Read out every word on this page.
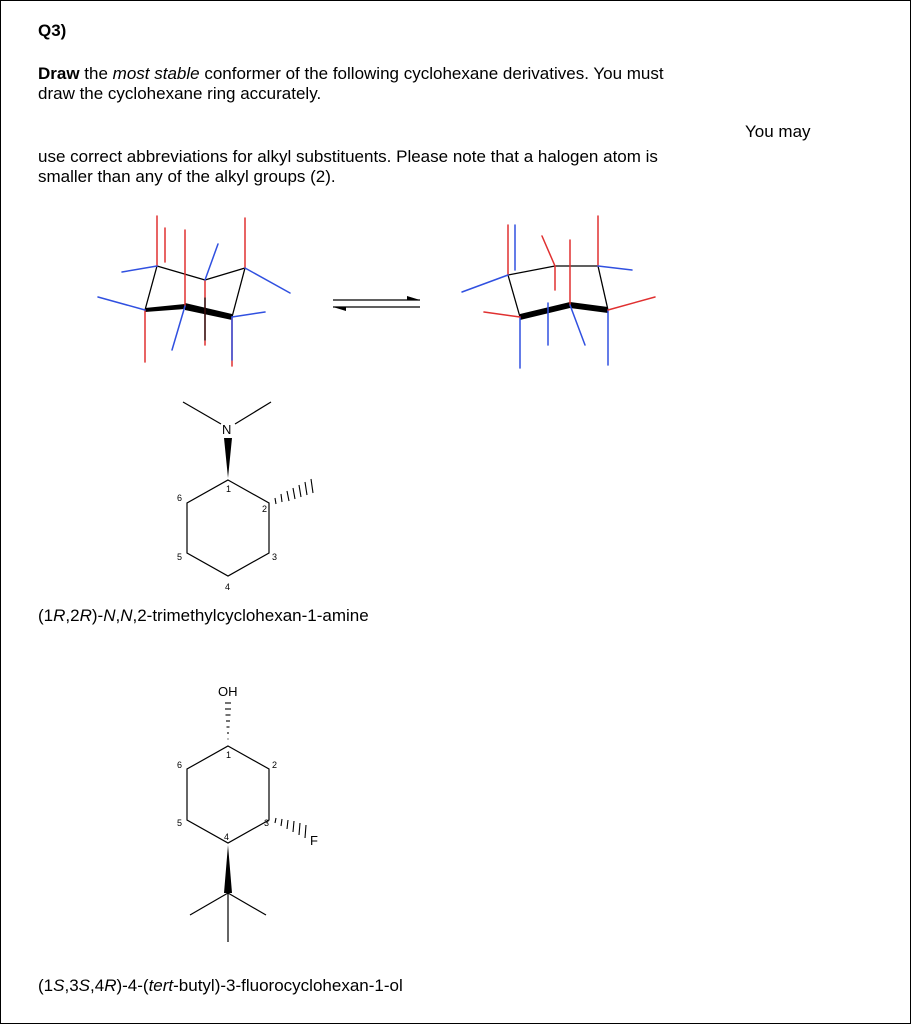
Q3)
Draw the most stable conformer of the following cyclohexane derivatives. You must
draw the cyclohexane ring accurately.
You may
use correct abbreviations for alkyl substituents. Please note that a halogen atom is
smaller than any of the alkyl groups (2).
N
1
2
3
4
5
6
OH
F
1
2
3
4
5
6
(1R,2R)-N,N,2-trimethylcyclohexan-1-amine
(1S,3S,4R)-4-(tert-butyl)-3-fluorocyclohexan-1-ol
